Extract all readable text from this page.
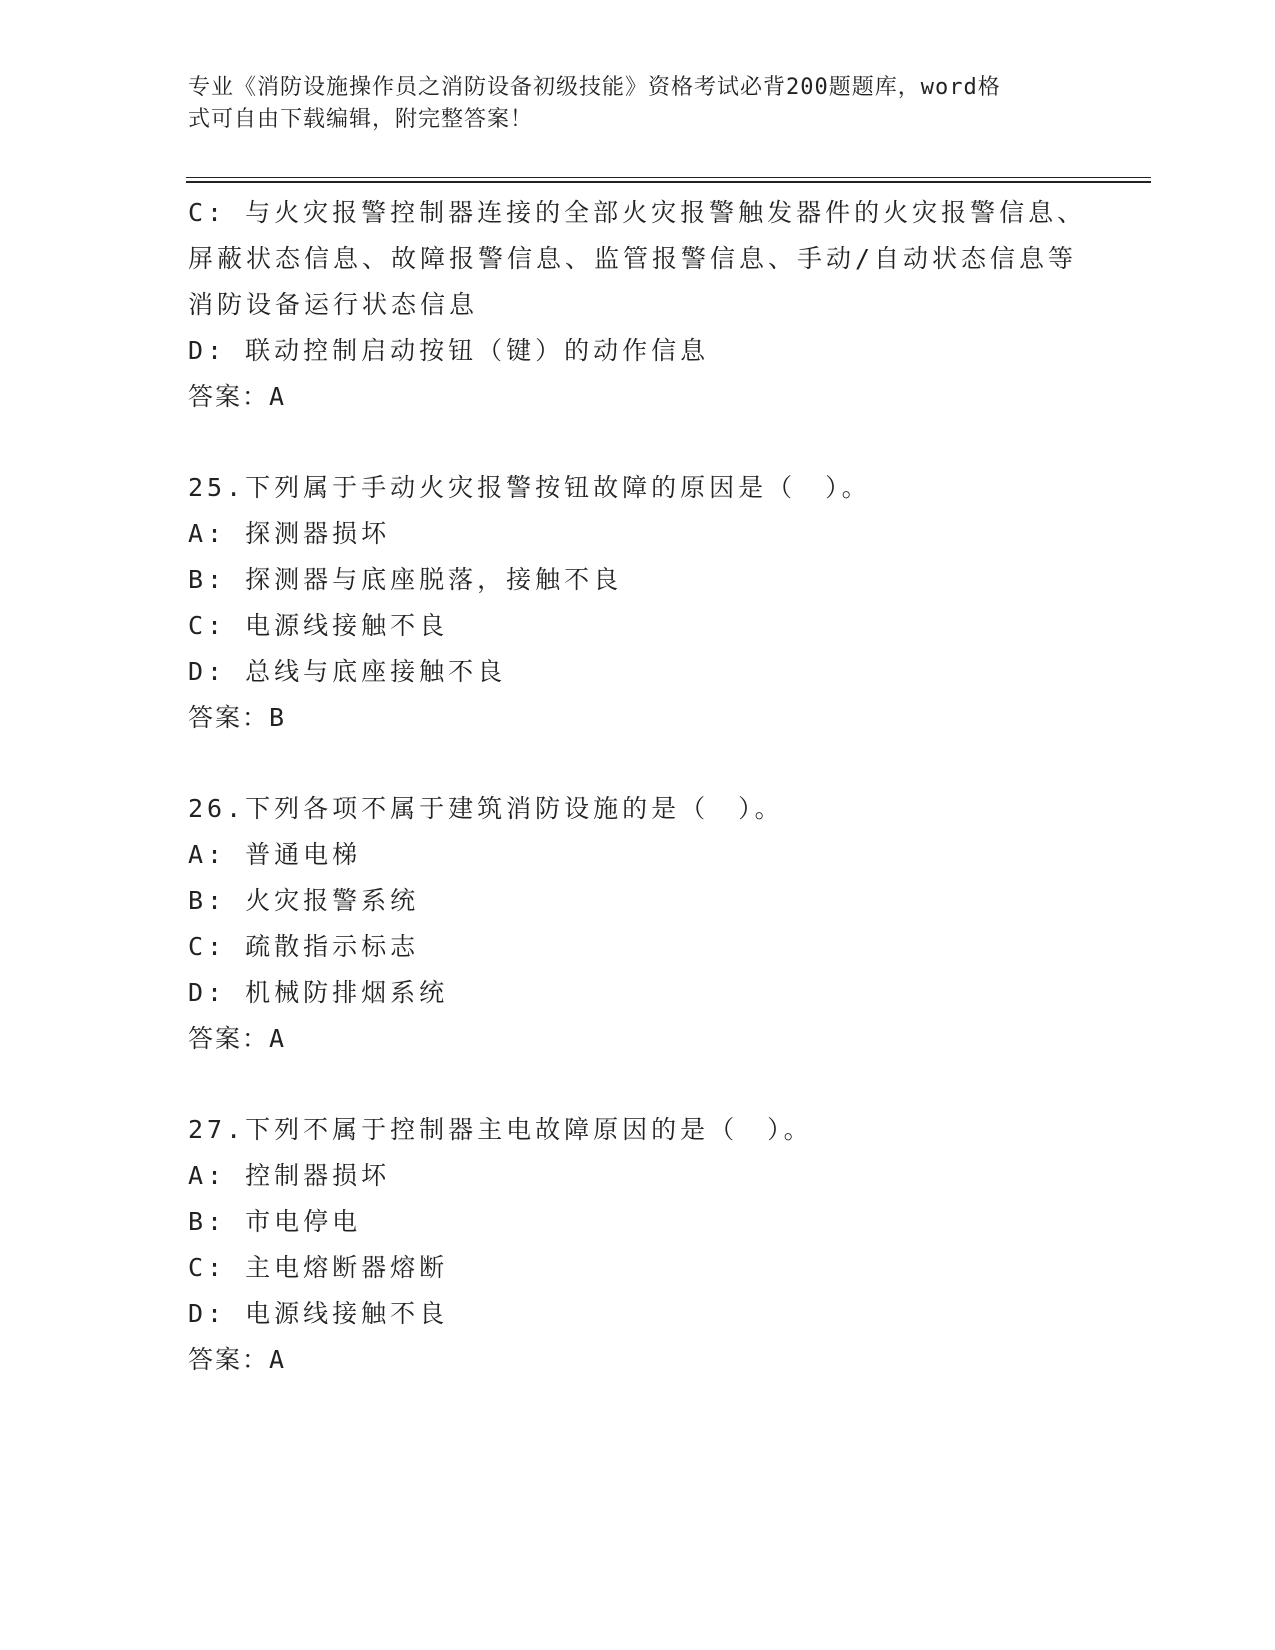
专业《消防设施操作员之消防设备初级技能》资格考试必背200题题库，word格
式可自由下载编辑，附完整答案！
C: 与火灾报警控制器连接的全部火灾报警触发器件的火灾报警信息、
屏蔽状态信息、故障报警信息、监管报警信息、手动/自动状态信息等
消防设备运行状态信息
D: 联动控制启动按钮（键）的动作信息
答案：A
25.下列属于手动火灾报警按钮故障的原因是（　）。
A: 探测器损坏
B: 探测器与底座脱落，接触不良
C: 电源线接触不良
D: 总线与底座接触不良
答案：B
26.下列各项不属于建筑消防设施的是（　）。
A: 普通电梯
B: 火灾报警系统
C: 疏散指示标志
D: 机械防排烟系统
答案：A
27.下列不属于控制器主电故障原因的是（　）。
A: 控制器损坏
B: 市电停电
C: 主电熔断器熔断
D: 电源线接触不良
答案：A
